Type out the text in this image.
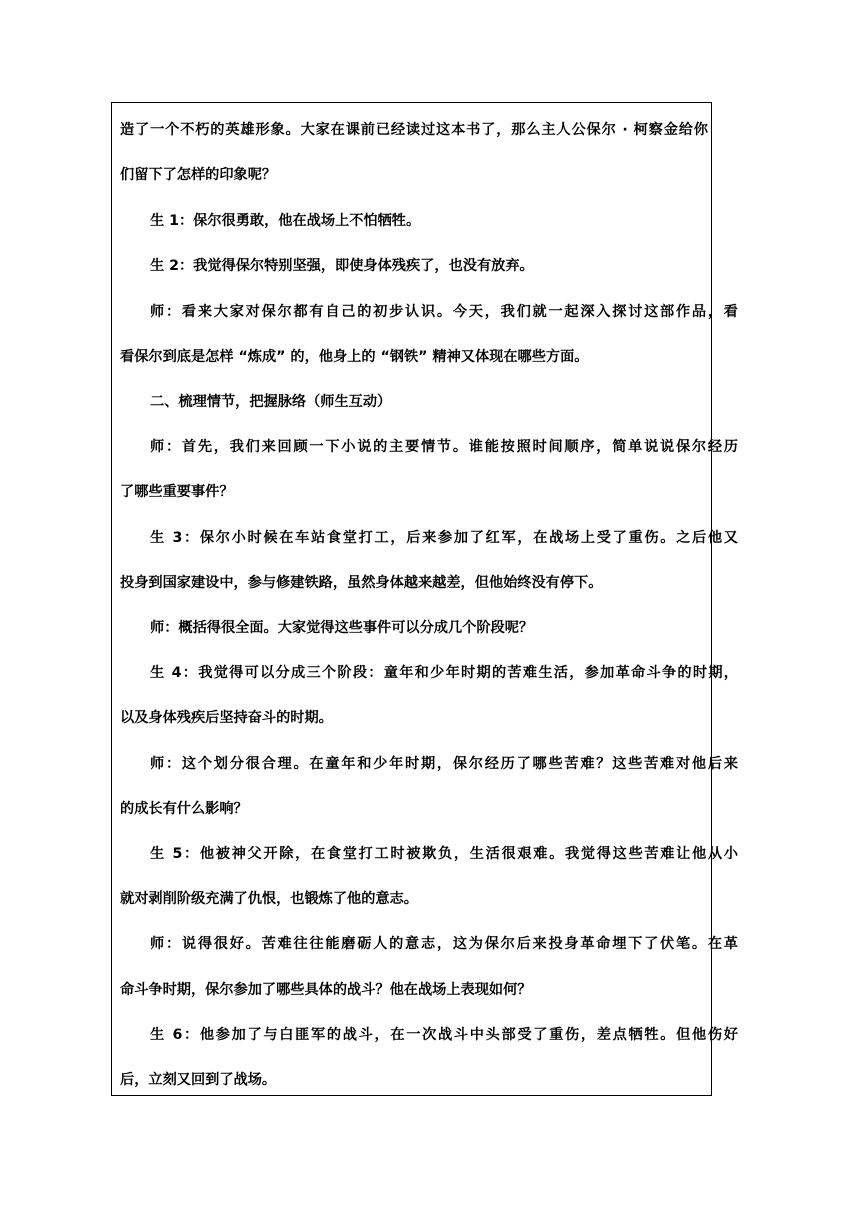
造了一个不朽的英雄形象。大家在课前已经读过这本书了，那么主人公保尔 · 柯察金给你
们留下了怎样的印象呢？
生 1：保尔很勇敢，他在战场上不怕牺牲。
生 2：我觉得保尔特别坚强，即使身体残疾了，也没有放弃。
师：看来大家对保尔都有自己的初步认识。今天，我们就一起深入探讨这部作品，看
看保尔到底是怎样 “炼成” 的，他身上的 “钢铁” 精神又体现在哪些方面。
二、梳理情节，把握脉络（师生互动）
师：首先，我们来回顾一下小说的主要情节。谁能按照时间顺序，简单说说保尔经历
了哪些重要事件？
生 3：保尔小时候在车站食堂打工，后来参加了红军，在战场上受了重伤。之后他又
投身到国家建设中，参与修建铁路，虽然身体越来越差，但他始终没有停下。
师：概括得很全面。大家觉得这些事件可以分成几个阶段呢？
生 4：我觉得可以分成三个阶段：童年和少年时期的苦难生活，参加革命斗争的时期，
以及身体残疾后坚持奋斗的时期。
师：这个划分很合理。在童年和少年时期，保尔经历了哪些苦难？这些苦难对他后来
的成长有什么影响？
生 5：他被神父开除，在食堂打工时被欺负，生活很艰难。我觉得这些苦难让他从小
就对剥削阶级充满了仇恨，也锻炼了他的意志。
师：说得很好。苦难往往能磨砺人的意志，这为保尔后来投身革命埋下了伏笔。在革
命斗争时期，保尔参加了哪些具体的战斗？他在战场上表现如何？
生 6：他参加了与白匪军的战斗，在一次战斗中头部受了重伤，差点牺牲。但他伤好
后，立刻又回到了战场。
